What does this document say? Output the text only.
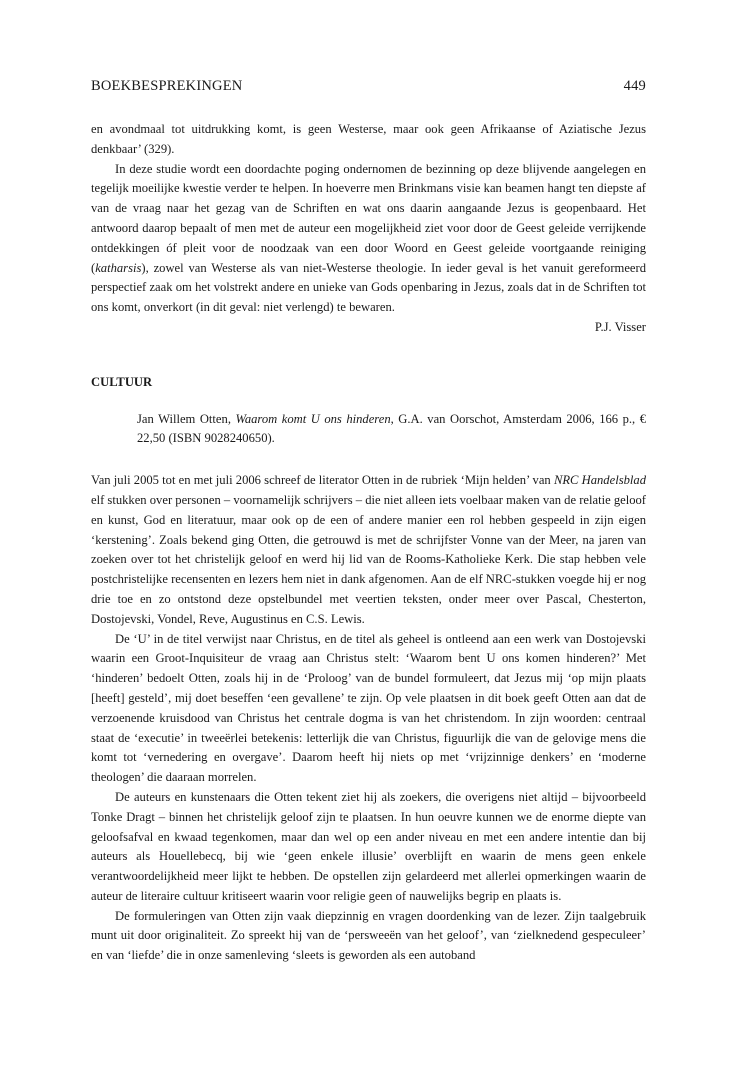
BOEKBESPREKINGEN	449

en avondmaal tot uitdrukking komt, is geen Westerse, maar ook geen Afrikaanse of Aziatische Jezus denkbaar’ (329).

In deze studie wordt een doordachte poging ondernomen de bezinning op deze blijvende aangelegen en tegelijk moeilijke kwestie verder te helpen. In hoeverre men Brinkmans visie kan beamen hangt ten diepste af van de vraag naar het gezag van de Schriften en wat ons daarin aangaande Jezus is geopenbaard. Het antwoord daarop bepaalt of men met de auteur een mogelijkheid ziet voor door de Geest geleide verrijkende ontdekkingen óf pleit voor de noodzaak van een door Woord en Geest geleide voortgaande reiniging (katharsis), zowel van Westerse als van niet-Westerse theologie. In ieder geval is het vanuit gereformeerd perspectief zaak om het volstrekt andere en unieke van Gods openbaring in Jezus, zoals dat in de Schriften tot ons komt, onverkort (in dit geval: niet verlengd) te bewaren.

P.J. Visser

CULTUUR

Jan Willem Otten, Waarom komt U ons hinderen, G.A. van Oorschot, Amsterdam 2006, 166 p., € 22,50 (ISBN 9028240650).

Van juli 2005 tot en met juli 2006 schreef de literator Otten in de rubriek ‘Mijn helden’ van NRC Handelsblad elf stukken over personen – voornamelijk schrijvers – die niet alleen iets voelbaar maken van de relatie geloof en kunst, God en literatuur, maar ook op de een of andere manier een rol hebben gespeeld in zijn eigen ‘kerstening’. Zoals bekend ging Otten, die getrouwd is met de schrijfster Vonne van der Meer, na jaren van zoeken over tot het christelijk geloof en werd hij lid van de Rooms-Katholieke Kerk. Die stap hebben vele postchristelijke recensenten en lezers hem niet in dank afgenomen. Aan de elf NRC-stukken voegde hij er nog drie toe en zo ontstond deze opstelbundel met veertien teksten, onder meer over Pascal, Chesterton, Dostojevski, Vondel, Reve, Augustinus en C.S. Lewis.

De ‘U’ in de titel verwijst naar Christus, en de titel als geheel is ontleend aan een werk van Dostojevski waarin een Groot-Inquisiteur de vraag aan Christus stelt: ‘Waarom bent U ons komen hinderen?’ Met ‘hinderen’ bedoelt Otten, zoals hij in de ‘Proloog’ van de bundel formuleert, dat Jezus mij ‘op mijn plaats [heeft] gesteld’, mij doet beseffen ‘een gevallene’ te zijn. Op vele plaatsen in dit boek geeft Otten aan dat de verzoenende kruisdood van Christus het centrale dogma is van het christendom. In zijn woorden: centraal staat de ‘executie’ in tweeërlei betekenis: letterlijk die van Christus, figuurlijk die van de gelovige mens die komt tot ‘vernedering en overgave’. Daarom heeft hij niets op met ‘vrijzinnige denkers’ en ‘moderne theologen’ die daaraan morrelen.

De auteurs en kunstenaars die Otten tekent ziet hij als zoekers, die overigens niet altijd – bijvoorbeeld Tonke Dragt – binnen het christelijk geloof zijn te plaatsen. In hun oeuvre kunnen we de enorme diepte van geloofsafval en kwaad tegenkomen, maar dan wel op een ander niveau en met een andere intentie dan bij auteurs als Houellebecq, bij wie ‘geen enkele illusie’ overblijft en waarin de mens geen enkele verantwoordelijkheid meer lijkt te hebben. De opstellen zijn gelardeerd met allerlei opmerkingen waarin de auteur de literaire cultuur kritiseert waarin voor religie geen of nauwelijks begrip en plaats is.

De formuleringen van Otten zijn vaak diepzinnig en vragen doordenking van de lezer. Zijn taalgebruik munt uit door originaliteit. Zo spreekt hij van de ‘persweeën van het geloof’, van ‘zielknedend gespeculeer’ en van ‘liefde’ die in onze samenleving ‘sleets is geworden als een autoband
